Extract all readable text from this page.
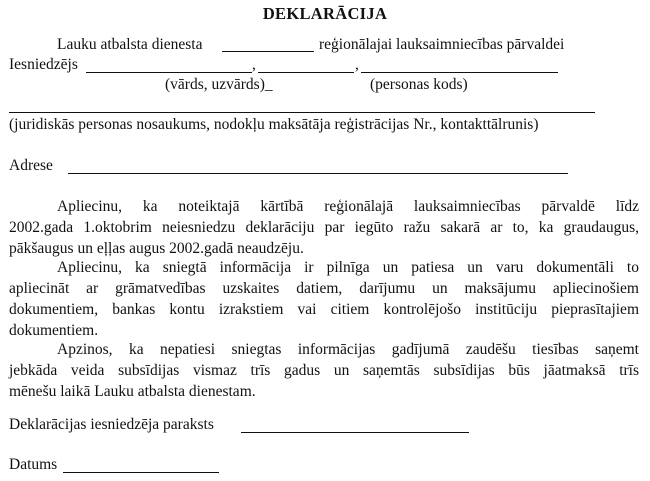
DEKLARĀCIJA
Lauku atbalsta dienesta	reģionālajai lauksaimniecības pārvaldei
Iesniedzējs	,	,
(vārds, uzvārds)_	(personas kods)
(juridiskās personas nosaukums, nodokļu maksātāja reģistrācijas Nr., kontakttālrunis)
Adrese
Apliecinu, ka noteiktajā kārtībā reģionālajā lauksaimniecības pārvaldē līdz
2002.gada 1.oktobrim neiesniedzu deklarāciju par iegūto ražu sakarā ar to, ka graudaugus,
pākšaugus un eļļas augus 2002.gadā neaudzēju.
Apliecinu, ka sniegtā informācija ir pilnīga un patiesa un varu dokumentāli to
apliecināt ar grāmatvedības uzskaites datiem, darījumu un maksājumu apliecinošiem
dokumentiem, bankas kontu izrakstiem vai citiem kontrolējošo institūciju pieprasītajiem
dokumentiem.
Apzinos, ka nepatiesi sniegtas informācijas gadījumā zaudēšu tiesības saņemt
jebkāda veida subsīdijas vismaz trīs gadus un saņemtās subsīdijas būs jāatmaksā trīs
mēnešu laikā Lauku atbalsta dienestam.
Deklarācijas iesniedzēja paraksts
Datums
